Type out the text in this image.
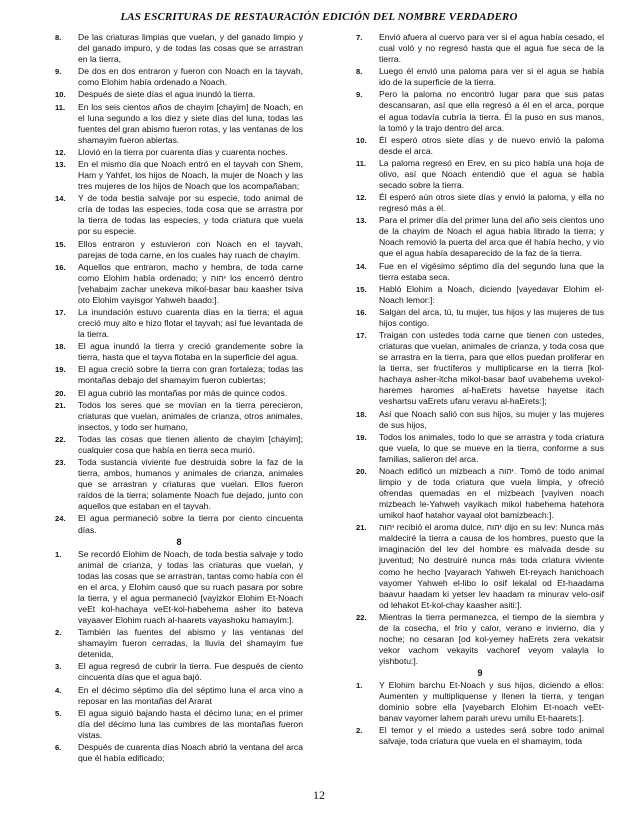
LAS ESCRITURAS DE RESTAURACIÓN EDICIÓN DEL NOMBRE VERDADERO
8. De las criaturas limpias que vuelan, y del ganado limpio y del ganado impuro, y de todas las cosas que se arrastran en la tierra,
9. De dos en dos entraron y fueron con Noach en la tayvah, como Elohim había ordenado a Noach.
10. Después de siete días el agua inundó la tierra.
11. En los seis cientos años de chayim [chayim] de Noach, en el luna segundo a los diez y siete días del luna, todas las fuentes del gran abismo fueron rotas, y las ventanas de los shamayim fueron abiertas.
12. Llovió en la tierra por cuarenta días y cuarenta noches.
13. En el mismo día que Noach entró en el tayvah con Shem, Ham y Yahfet, los hijos de Noach, la mujer de Noach y las tres mujeres de los hijos de Noach que los acompañaban;
14. Y de toda bestia salvaje por su especie, todo animal de cría de todas las especies, toda cosa que se arrastra por la tierra de todas las especies, y toda criatura que vuela por su especie.
15. Ellos entraron y estuvieron con Noach en el tayvah, parejas de toda carne, en los cuales hay ruach de chayim.
16. Aquellos que entraron, macho y hembra, de toda carne como Elohim había ordenado; y יהוה los encerró dentro [vehabaim zachar unekeva mikol-basar bau kaasher tsiva oto Elohim vayisgor Yahweh baado:].
17. La inundación estuvo cuarenta días en la tierra; el agua creció muy alto e hizo flotar el tayvah; así fue levantada de la tierra.
18. El agua inundó la tierra y creció grandemente sobre la tierra, hasta que el tayva flotaba en la superficie del agua.
19. El agua creció sobre la tierra con gran fortaleza; todas las montañas debajo del shamayim fueron cubiertas;
20. El agua cubrió las montañas por más de quince codos.
21. Todos los seres que se movían en la tierra perecieron, criaturas que vuelan, animales de crianza, otros animales, insectos, y todo ser humano,
22. Todas las cosas que tienen aliento de chayim [chayim]; cualquier cosa que había en tierra seca murió.
23. Toda sustancia viviente fue destruida sobre la faz de la tierra, ambos, humanos y animales de crianza, animales que se arrastran y criaturas que vuelan. Ellos fueron raídos de la tierra; solamente Noach fue dejado, junto con aquellos que estaban en el tayvah.
24. El agua permaneció sobre la tierra por ciento cincuenta días.
8
1. Se recordó Elohim de Noach, de toda bestia salvaje y todo animal de crianza, y todas las criaturas que vuelan, y todas las cosas que se arrastran, tantas como había con él en el arca, y Elohim causó que su ruach pasara por sobre la tierra, y el agua permaneció [vayizkor Elohim Et-Noach veEt kol-hachaya veEt-kol-habehema asher ito bateva vayaaver Elohim ruach al-haarets vayashoku hamayim:].
2. También las fuentes del abismo y las ventanas del shamayim fueron cerradas, la lluvia del shamayim fue detenida,
3. El agua regresó de cubrir la tierra. Fue después de ciento cincuenta días que el agua bajó.
4. En el décimo séptimo día del séptimo luna el arca vino a reposar en las montañas del Ararat
5. El agua siguió bajando hasta el décimo luna; en el primer día del décimo luna las cumbres de las montañas fueron vistas.
6. Después de cuarenta días Noach abrió la ventana del arca que él había edificado;
7. Envió afuera al cuervo para ver si el agua había cesado, el cual voló y no regresó hasta que el agua fue seca de la tierra.
8. Luego él envió una paloma para ver si el agua se había ido de la superficie de la tierra.
9. Pero la paloma no encontró lugar para que sus patas descansaran, así que ella regresó a él en el arca, porque el agua todavía cubría la tierra. Él la puso en sus manos, la tomó y la trajo dentro del arca.
10. Él esperó otros siete días y de nuevo envió la paloma desde el arca.
11. La paloma regresó en Erev, en su pico había una hoja de olivo, así que Noach entendió que el agua se había secado sobre la tierra.
12. Él esperó aún otros siete días y envió la paloma, y ella no regresó más a él.
13. Para el primer día del primer luna del año seis cientos uno de la chayim de Noach el agua había librado la tierra; y Noach removió la puerta del arca que él había hecho, y vio que el agua había desaparecido de la faz de la tierra.
14. Fue en el vigésimo séptimo día del segundo luna que la tierra estaba seca.
15. Habló Elohim a Noach, diciendo [vayedavar Elohim el-Noach lemor:]:
16. Salgan del arca, tú, tu mujer, tus hijos y las mujeres de tus hijos contigo.
17. Traigan con ustedes toda carne que tienen con ustedes, criaturas que vuelan, animales de crianza, y toda cosa que se arrastra en la tierra, para que ellos puedan proliferar en la tierra, ser fructíferos y multiplicarse en la tierra [kol-hachaya asher-itcha mikol-basar baof uvabehema uvekol-haremes haromes al-haErets havetse hayetse itach veshartsu vaErets ufaru veravu al-haErets:];
18. Así que Noach salió con sus hijos, su mujer y las mujeres de sus hijos,
19. Todos los animales, todo lo que se arrastra y toda criatura que vuela, lo que se mueve en la tierra, conforme a sus familias, salieron del arca.
20. Noach edificó un mizbeach a יהוה. Tomó de todo animal limpio y de toda criatura que vuela limpia, y ofreció ofrendas quemadas en el mizbeach [vayiven noach mizbeach le-Yahweh vayikach mikol habehema hatehora umikol haof hatahor vayaal olot bamizbeach:].
21. יהוה recibió el aroma dulce, יהוה dijo en su lev: Nunca más maldeciré la tierra a causa de los hombres, puesto que la imaginación del lev del hombre es malvada desde su juventud; No destruiré nunca más toda criatura viviente como he hecho [vayarach Yahweh Et-reyach hanichoach vayomer Yahweh el-libo lo osif lekalal od Et-haadama baavur haadam ki yetser lev haadam ra minurav velo-osif od lehakot Et-kol-chay kaasher asiti:].
22. Mientras la tierra permanezca, el tiempo de la siembra y de la cosecha, el frío y calor, verano e invierno, día y noche; no cesaran [od kol-yemey haErets zera vekatsir vekor vachom vekayits vachoref veyom valayla lo yishbotu:].
9
1. Y Elohim barchu Et-Noach y sus hijos, diciendo a ellos: Aumenten y multipliquense y llenen la tierra, y tengan dominio sobre ella [vayebarch Elohim Et-noach veEt-banav vayomer lahem parah urevu umilu Et-haarets:].
2. El temor y el miedo a ustedes será sobre todo animal salvaje, toda criatura que vuela en el shamayim, toda
12
